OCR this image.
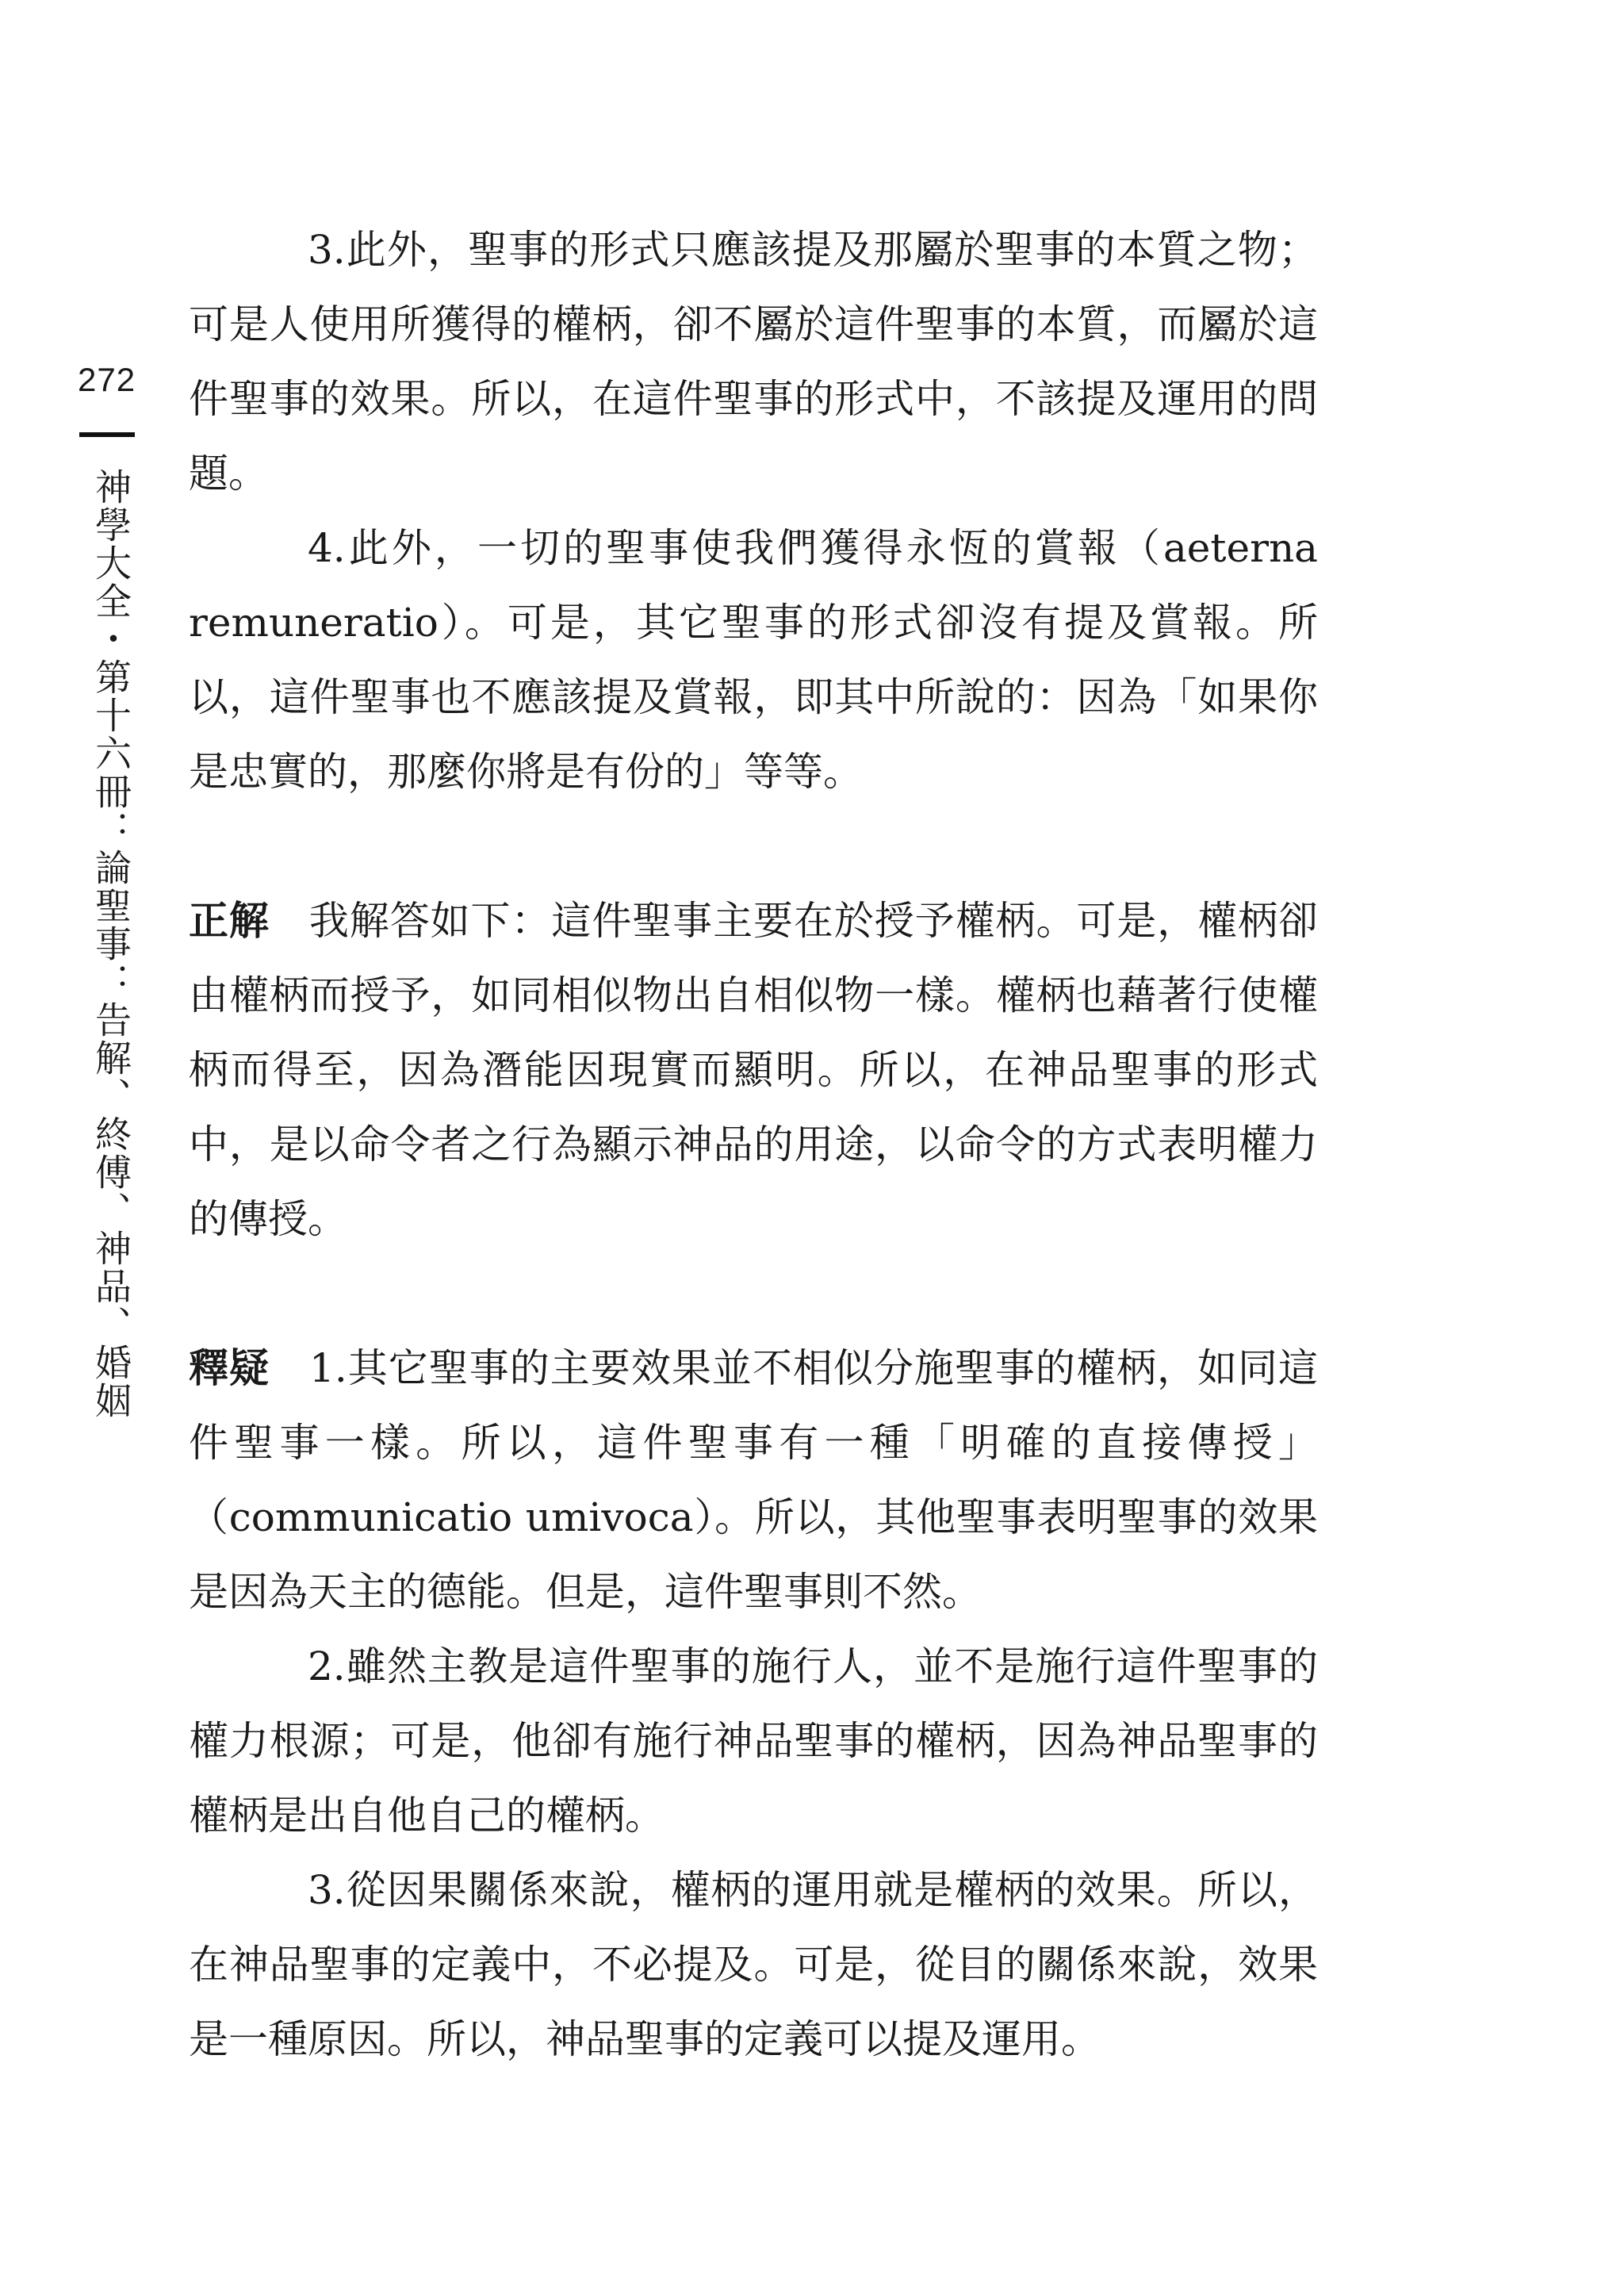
272
神學大全・第十六冊：論聖事：告解、終傅、神品、婚姻

3.此外，聖事的形式只應該提及那屬於聖事的本質之物；可是人使用所獲得的權柄，卻不屬於這件聖事的本質，而屬於這件聖事的效果。所以，在這件聖事的形式中，不該提及運用的問題。

4.此外，一切的聖事使我們獲得永恆的賞報（aeterna remuneratio）。可是，其它聖事的形式卻沒有提及賞報。所以，這件聖事也不應該提及賞報，即其中所說的：因為「如果你是忠實的，那麼你將是有份的」等等。

正解 我解答如下：這件聖事主要在於授予權柄。可是，權柄卻由權柄而授予，如同相似物出自相似物一樣。權柄也藉著行使權柄而得至，因為潛能因現實而顯明。所以，在神品聖事的形式中，是以命令者之行為顯示神品的用途，以命令的方式表明權力的傳授。

釋疑 1.其它聖事的主要效果並不相似分施聖事的權柄，如同這件聖事一樣。所以，這件聖事有一種「明確的直接傳授」（communicatio umivoca）。所以，其他聖事表明聖事的效果是因為天主的德能。但是，這件聖事則不然。

2.雖然主教是這件聖事的施行人，並不是施行這件聖事的權力根源；可是，他卻有施行神品聖事的權柄，因為神品聖事的權柄是出自他自己的權柄。

3.從因果關係來說，權柄的運用就是權柄的效果。所以，在神品聖事的定義中，不必提及。可是，從目的關係來說，效果是一種原因。所以，神品聖事的定義可以提及運用。
